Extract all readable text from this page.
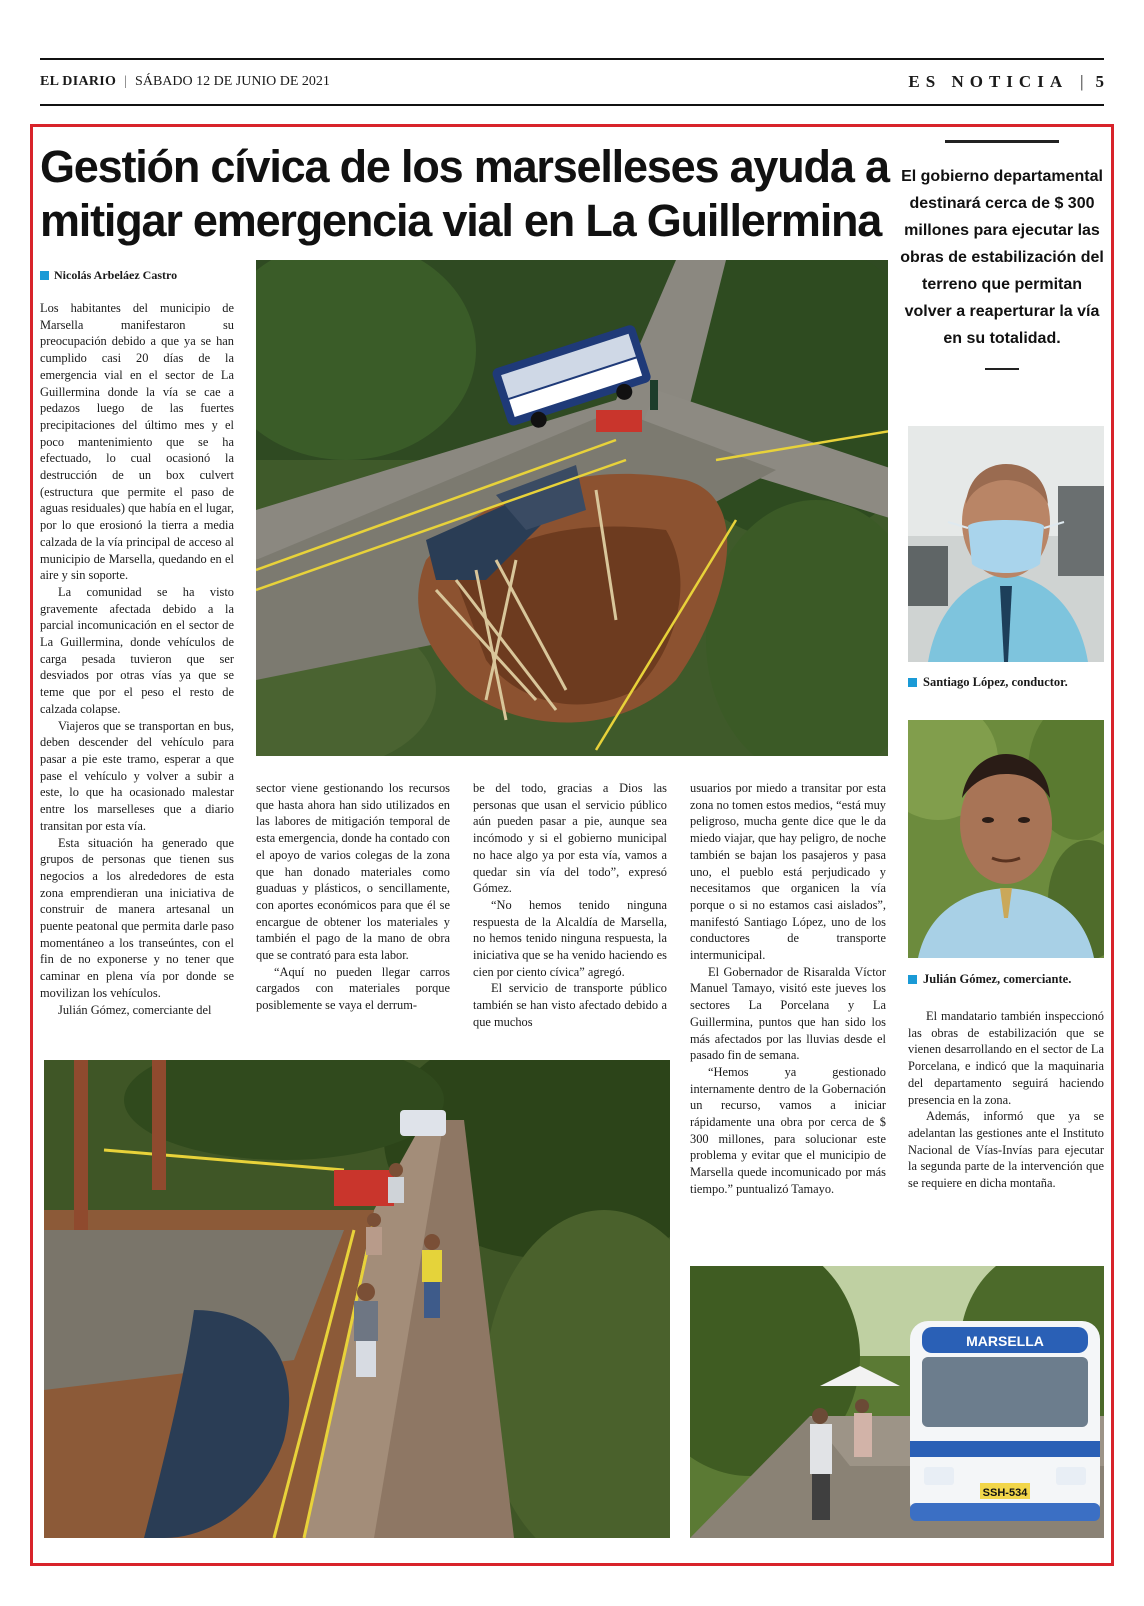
EL DIARIO | SÁBADO 12 DE JUNIO DE 2021	ES NOTICIA | 5
Gestión cívica de los marselleses ayuda a mitigar emergencia vial en La Guillermina
Nicolás Arbeláez Castro

Los habitantes del municipio de Marsella manifestaron su preocupación debido a que ya se han cumplido casi 20 días de la emergencia vial en el sector de La Guillermina donde la vía se cae a pedazos luego de las fuertes precipitaciones del último mes y el poco mantenimiento que se ha efectuado, lo cual ocasionó la destrucción de un box culvert (estructura que permite el paso de aguas residuales) que había en el lugar, por lo que erosionó la tierra a media calzada de la vía principal de acceso al municipio de Marsella, quedando en el aire y sin soporte.

La comunidad se ha visto gravemente afectada debido a la parcial incomunicación en el sector de La Guillermina, donde vehículos de carga pesada tuvieron que ser desviados por otras vías ya que se teme que por el peso el resto de calzada colapse.

Viajeros que se transportan en bus, deben descender del vehículo para pasar a pie este tramo, esperar a que pase el vehículo y volver a subir a este, lo que ha ocasionado malestar entre los marselleses que a diario transitan por esta vía.

Esta situación ha generado que grupos de personas que tienen sus negocios a los alrededores de esta zona emprendieran una iniciativa de construir de manera artesanal un puente peatonal que permita darle paso momentáneo a los transeúntes, con el fin de no exponerse y no tener que caminar en plena vía por donde se movilizan los vehículos.

Julián Gómez, comerciante del

sector viene gestionando los recursos que hasta ahora han sido utilizados en las labores de mitigación temporal de esta emergencia, donde ha contado con el apoyo de varios colegas de la zona que han donado materiales como guaduas y plásticos, o sencillamente, con aportes económicos para que él se encargue de obtener los materiales y también el pago de la mano de obra que se contrató para esta labor.

“Aquí no pueden llegar carros cargados con materiales porque posiblemente se vaya el derrum-

be del todo, gracias a Dios las personas que usan el servicio público aún pueden pasar a pie, aunque sea incómodo y si el gobierno municipal no hace algo ya por esta vía, vamos a quedar sin vía del todo”, expresó Gómez.

“No hemos tenido ninguna respuesta de la Alcaldía de Marsella, no hemos tenido ninguna respuesta, la iniciativa que se ha venido haciendo es cien por ciento cívica” agregó.

El servicio de transporte público también se han visto afectado debido a que muchos

usuarios por miedo a transitar por esta zona no tomen estos medios, “está muy peligroso, mucha gente dice que le da miedo viajar, que hay peligro, de noche también se bajan los pasajeros y pasa uno, el pueblo está perjudicado y necesitamos que organicen la vía porque o si no estamos casi aislados”, manifestó Santiago López, uno de los conductores de transporte intermunicipal.

El Gobernador de Risaralda Víctor Manuel Tamayo, visitó este jueves los sectores La Porcelana y La Guillermina, puntos que han sido los más afectados por las lluvias desde el pasado fin de semana.

“Hemos ya gestionado internamente dentro de la Gobernación un recurso, vamos a iniciar rápidamente una obra por cerca de $ 300 millones, para solucionar este problema y evitar que el municipio de Marsella quede incomunicado por más tiempo.” puntualizó Tamayo.

El gobierno departamental destinará cerca de $ 300 millones para ejecutar las obras de estabilización del terreno que permitan volver a reaperturar la vía en su totalidad.
Santiago López, conductor.
Julián Gómez, comerciante.

El mandatario también inspeccionó las obras de estabilización que se vienen desarrollando en el sector de La Porcelana, e indicó que la maquinaria del departamento seguirá haciendo presencia en la zona.

Además, informó que ya se adelantan las gestiones ante el Instituto Nacional de Vías-Invías para ejecutar la segunda parte de la intervención que se requiere en dicha montaña.

MARSELLA
SSH-534
